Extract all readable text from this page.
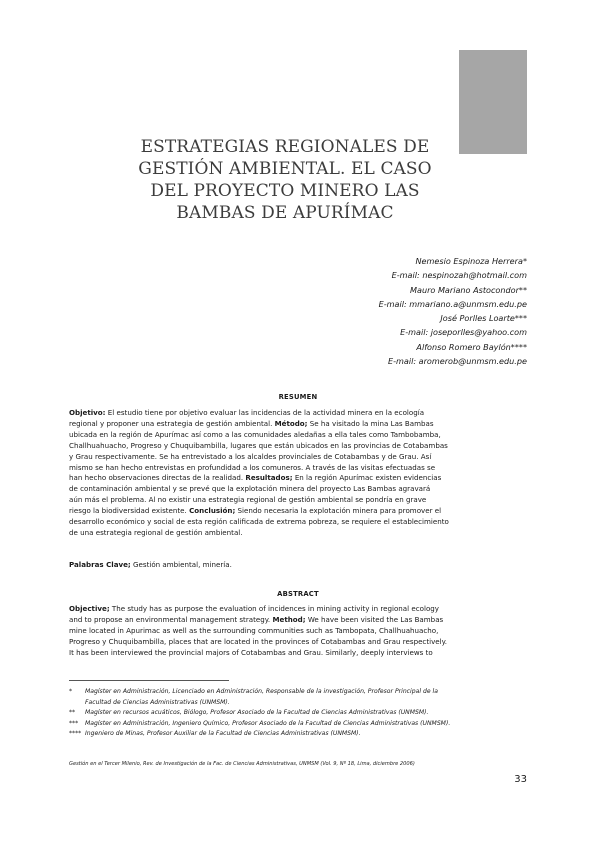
ESTRATEGIAS REGIONALES DE
GESTIÓN AMBIENTAL. EL CASO
DEL PROYECTO MINERO LAS
BAMBAS DE APURÍMAC
Nemesio Espinoza Herrera*
E-mail: nespinozah@hotmail.com
Mauro Mariano Astocondor**
E-mail: mmariano.a@unmsm.edu.pe
José Porlles Loarte***
E-mail: joseporlles@yahoo.com
Alfonso Romero Baylón****
E-mail: aromerob@unmsm.edu.pe
RESUMEN
Objetivo: El estudio tiene por objetivo evaluar las incidencias de la actividad minera en la ecología
regional y proponer una estrategia de gestión ambiental. Método; Se ha visitado la mina Las Bambas
ubicada en la región de Apurímac así como a las comunidades aledañas a ella tales como Tambobamba,
Challhuahuacho, Progreso y Chuquibambilla, lugares que están ubicados en las provincias de Cotabambas
y Grau respectivamente. Se ha entrevistado a los alcaldes provinciales de Cotabambas y de Grau. Así
mismo se han hecho entrevistas en profundidad a los comuneros. A través de las visitas efectuadas se
han hecho observaciones directas de la realidad. Resultados; En la región Apurímac existen evidencias
de contaminación ambiental y se prevé que la explotación minera del proyecto Las Bambas agravará
aún más el problema. Al no existir una estrategia regional de gestión ambiental se pondría en grave
riesgo la biodiversidad existente. Conclusión; Siendo necesaria la explotación minera para promover el
desarrollo económico y social de esta región calificada de extrema pobreza, se requiere el establecimiento
de una estrategia regional de gestión ambiental.
Palabras Clave; Gestión ambiental, minería.
ABSTRACT
Objective; The study has as purpose the evaluation of incidences in mining activity in regional ecology
and to propose an environmental management strategy. Method; We have been visited the Las Bambas
mine located in Apurimac as well as the surrounding communities such as Tambopata, Challhuahuacho,
Progreso y Chuquibambilla, places that are located in the provinces of Cotabambas and Grau respectively.
It has been interviewed the provincial majors of Cotabambas and Grau. Similarly, deeply interviews to
* Magíster en Administración, Licenciado en Administración, Responsable de la investigación, Profesor Principal de la
Facultad de Ciencias Administrativas (UNMSM).
** Magíster en recursos acuáticos, Biólogo, Profesor Asociado de la Facultad de Ciencias Administrativas (UNMSM).
*** Magíster en Administración, Ingeniero Químico, Profesor Asociado de la Facultad de Ciencias Administrativas (UNMSM).
**** Ingeniero de Minas, Profesor Auxiliar de la Facultad de Ciencias Administrativas (UNMSM).
Gestión en el Tercer Milenio, Rev. de Investigación de la Fac. de Ciencias Administrativas, UNMSM (Vol. 9, Nº 18, Lima, diciembre 2006)
33
